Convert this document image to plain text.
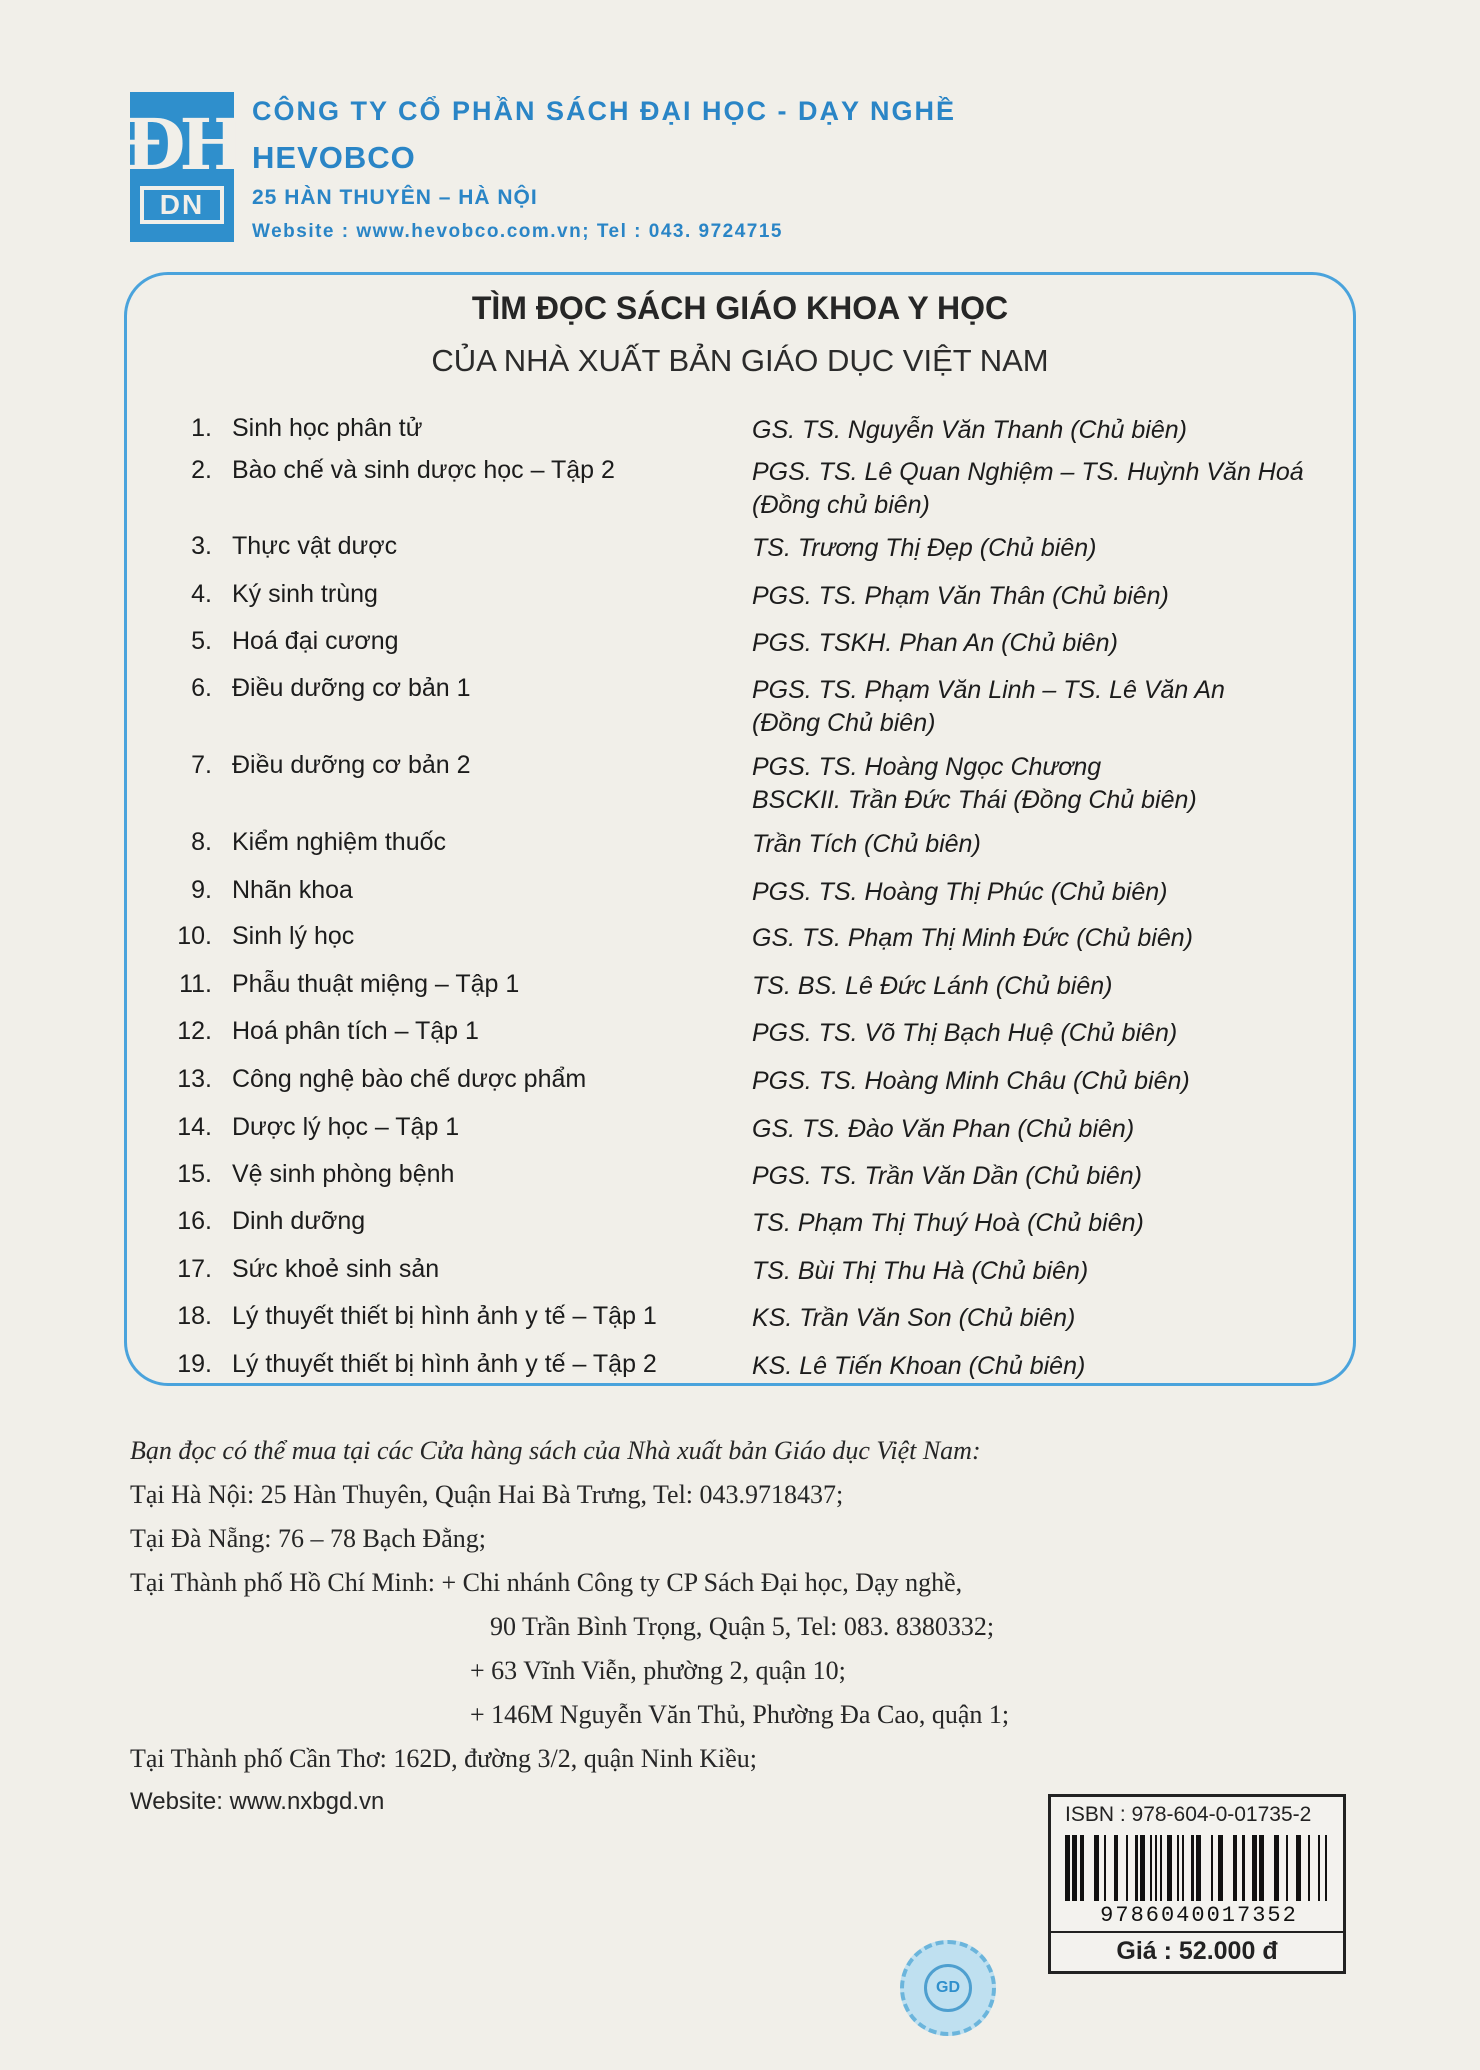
ĐH
DN
CÔNG TY CỔ PHẦN SÁCH ĐẠI HỌC - DẠY NGHỀ
HEVOBCO
25 HÀN THUYÊN – HÀ NỘI
Website : www.hevobco.com.vn; Tel : 043. 9724715
TÌM ĐỌC SÁCH GIÁO KHOA Y HỌC
CỦA NHÀ XUẤT BẢN GIÁO DỤC VIỆT NAM
1. Sinh học phân tử	GS. TS. Nguyễn Văn Thanh (Chủ biên)
2. Bào chế và sinh dược học – Tập 2	PGS. TS. Lê Quan Nghiệm – TS. Huỳnh Văn Hoá
(Đồng chủ biên)
3. Thực vật dược	TS. Trương Thị Đẹp (Chủ biên)
4. Ký sinh trùng	PGS. TS. Phạm Văn Thân (Chủ biên)
5. Hoá đại cương	PGS. TSKH. Phan An (Chủ biên)
6. Điều dưỡng cơ bản 1	PGS. TS. Phạm Văn Linh – TS. Lê Văn An
(Đồng Chủ biên)
7. Điều dưỡng cơ bản 2	PGS. TS. Hoàng Ngọc Chương
BSCKII. Trần Đức Thái (Đồng Chủ biên)
8. Kiểm nghiệm thuốc	Trần Tích (Chủ biên)
9. Nhãn khoa	PGS. TS. Hoàng Thị Phúc (Chủ biên)
10. Sinh lý học	GS. TS. Phạm Thị Minh Đức (Chủ biên)
11. Phẫu thuật miệng – Tập 1	TS. BS. Lê Đức Lánh (Chủ biên)
12. Hoá phân tích – Tập 1	PGS. TS. Võ Thị Bạch Huệ (Chủ biên)
13. Công nghệ bào chế dược phẩm	PGS. TS. Hoàng Minh Châu (Chủ biên)
14. Dược lý học – Tập 1	GS. TS. Đào Văn Phan (Chủ biên)
15. Vệ sinh phòng bệnh	PGS. TS. Trần Văn Dần (Chủ biên)
16. Dinh dưỡng	TS. Phạm Thị Thuý Hoà (Chủ biên)
17. Sức khoẻ sinh sản	TS. Bùi Thị Thu Hà (Chủ biên)
18. Lý thuyết thiết bị hình ảnh y tế – Tập 1	KS. Trần Văn Son (Chủ biên)
19. Lý thuyết thiết bị hình ảnh y tế – Tập 2	KS. Lê Tiến Khoan (Chủ biên)
Bạn đọc có thể mua tại các Cửa hàng sách của Nhà xuất bản Giáo dục Việt Nam:
Tại Hà Nội: 25 Hàn Thuyên, Quận Hai Bà Trưng, Tel: 043.9718437;
Tại Đà Nẵng: 76 – 78 Bạch Đằng;
Tại Thành phố Hồ Chí Minh: + Chi nhánh Công ty CP Sách Đại học, Dạy nghề,
90 Trần Bình Trọng, Quận 5, Tel: 083. 8380332;
+ 63 Vĩnh Viễn, phường 2, quận 10;
+ 146M Nguyễn Văn Thủ, Phường Đa Cao, quận 1;
Tại Thành phố Cần Thơ: 162D, đường 3/2, quận Ninh Kiều;
Website: www.nxbgd.vn	ISBN : 978-604-0-01735-2
9786040017352
Giá : 52.000 đ
GD
